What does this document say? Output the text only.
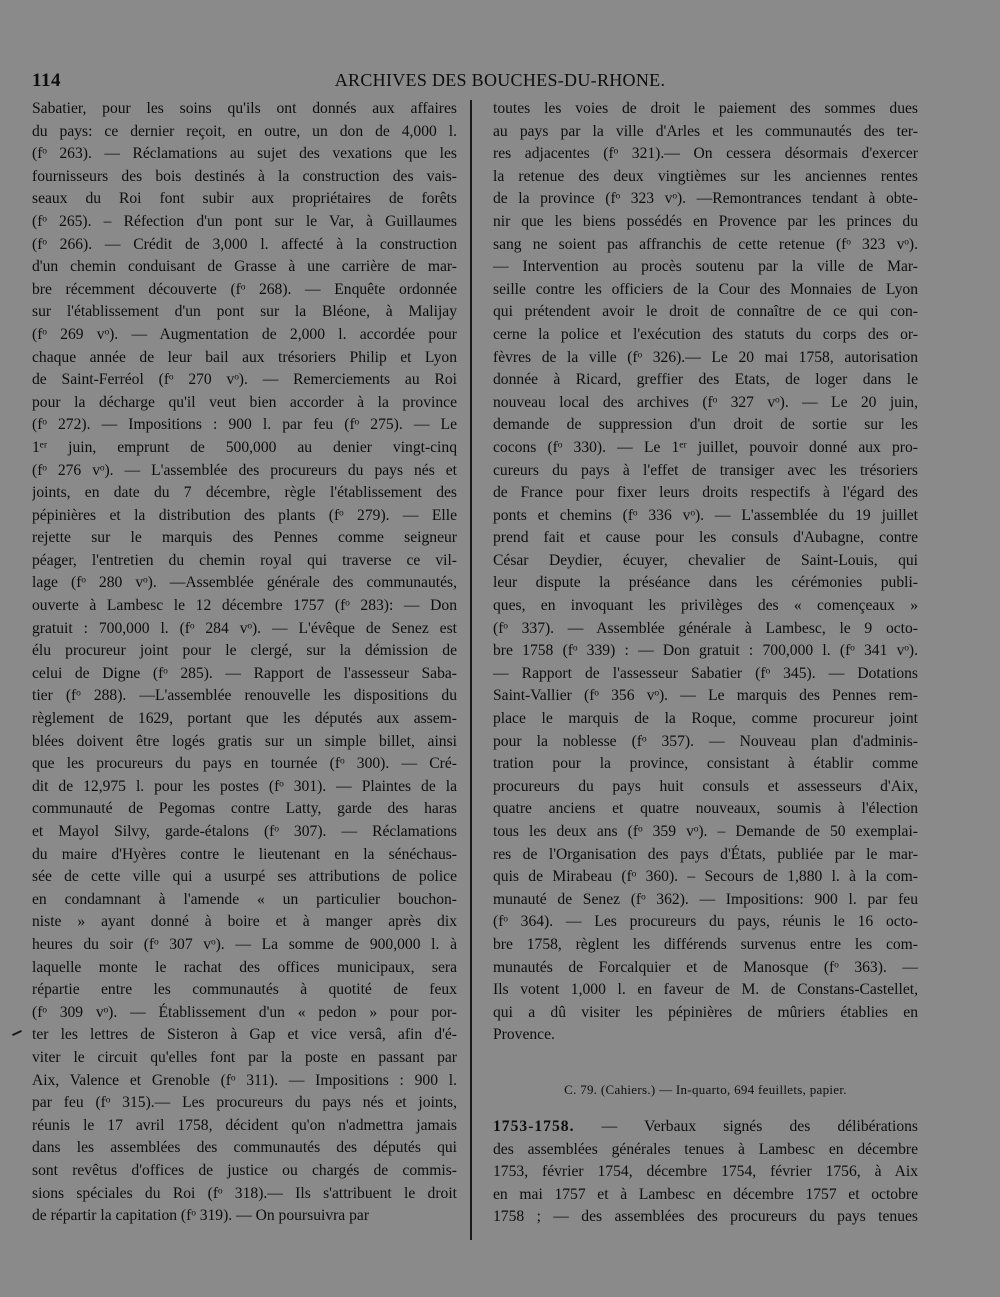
114	ARCHIVES DES BOUCHES-DU-RHONE.
Sabatier, pour les soins qu'ils ont donnés aux affaires
du pays: ce dernier reçoit, en outre, un don de 4,000 l.
(fᵒ 263). — Réclamations au sujet des vexations que les
fournisseurs des bois destinés à la construction des vais-
seaux du Roi font subir aux propriétaires de forêts
(fᵒ 265). – Réfection d'un pont sur le Var, à Guillaumes
(fᵒ 266). — Crédit de 3,000 l. affecté à la construction
d'un chemin conduisant de Grasse à une carrière de mar-
bre récemment découverte (fᵒ 268). — Enquête ordonnée
sur l'établissement d'un pont sur la Bléone, à Malijay
(fᵒ 269 vᵒ). — Augmentation de 2,000 l. accordée pour
chaque année de leur bail aux trésoriers Philip et Lyon
de Saint-Ferréol (fᵒ 270 vᵒ). — Remerciements au Roi
pour la décharge qu'il veut bien accorder à la province
(fᵒ 272). — Impositions : 900 l. par feu (fᵒ 275). — Le
1ᵉʳ juin, emprunt de 500,000 au denier vingt-cinq
(fᵒ 276 vᵒ). — L'assemblée des procureurs du pays nés et
joints, en date du 7 décembre, règle l'établissement des
pépinières et la distribution des plants (fᵒ 279). — Elle
rejette sur le marquis des Pennes comme seigneur
péager, l'entretien du chemin royal qui traverse ce vil-
lage (fᵒ 280 vᵒ). —Assemblée générale des communautés,
ouverte à Lambesc le 12 décembre 1757 (fᵒ 283): — Don
gratuit : 700,000 l. (fᵒ 284 vᵒ). — L'évêque de Senez est
élu procureur joint pour le clergé, sur la démission de
celui de Digne (fᵒ 285). — Rapport de l'assesseur Saba-
tier (fᵒ 288). —L'assemblée renouvelle les dispositions du
règlement de 1629, portant que les députés aux assem-
blées doivent être logés gratis sur un simple billet, ainsi
que les procureurs du pays en tournée (fᵒ 300). — Cré-
dit de 12,975 l. pour les postes (fᵒ 301). — Plaintes de la
communauté de Pegomas contre Latty, garde des haras
et Mayol Silvy, garde-étalons (fᵒ 307). — Réclamations
du maire d'Hyères contre le lieutenant en la sénéchaus-
sée de cette ville qui a usurpé ses attributions de police
en condamnant à l'amende « un particulier bouchon-
niste » ayant donné à boire et à manger après dix
heures du soir (fᵒ 307 vᵒ). — La somme de 900,000 l. à
laquelle monte le rachat des offices municipaux, sera
répartie entre les communautés à quotité de feux
(fᵒ 309 vᵒ). — Établissement d'un « pedon » pour por-
ter les lettres de Sisteron à Gap et vice versâ, afin d'é-
viter le circuit qu'elles font par la poste en passant par
Aix, Valence et Grenoble (fᵒ 311). — Impositions : 900 l.
par feu (fᵒ 315).— Les procureurs du pays nés et joints,
réunis le 17 avril 1758, décident qu'on n'admettra jamais
dans les assemblées des communautés des députés qui
sont revêtus d'offices de justice ou chargés de commis-
sions spéciales du Roi (fᵒ 318).— Ils s'attribuent le droit
de répartir la capitation (fᵒ 319). — On poursuivra par
toutes les voies de droit le paiement des sommes dues
au pays par la ville d'Arles et les communautés des ter-
res adjacentes (fᵒ 321).— On cessera désormais d'exercer
la retenue des deux vingtièmes sur les anciennes rentes
de la province (fᵒ 323 vᵒ). —Remontrances tendant à obte-
nir que les biens possédés en Provence par les princes du
sang ne soient pas affranchis de cette retenue (fᵒ 323 vᵒ).
— Intervention au procès soutenu par la ville de Mar-
seille contre les officiers de la Cour des Monnaies de Lyon
qui prétendent avoir le droit de connaître de ce qui con-
cerne la police et l'exécution des statuts du corps des or-
fèvres de la ville (fᵒ 326).— Le 20 mai 1758, autorisation
donnée à Ricard, greffier des Etats, de loger dans le
nouveau local des archives (fᵒ 327 vᵒ). — Le 20 juin,
demande de suppression d'un droit de sortie sur les
cocons (fᵒ 330). — Le 1ᵉʳ juillet, pouvoir donné aux pro-
cureurs du pays à l'effet de transiger avec les trésoriers
de France pour fixer leurs droits respectifs à l'égard des
ponts et chemins (fᵒ 336 vᵒ). — L'assemblée du 19 juillet
prend fait et cause pour les consuls d'Aubagne, contre
César Deydier, écuyer, chevalier de Saint-Louis, qui
leur dispute la préséance dans les cérémonies publi-
ques, en invoquant les privilèges des « començeaux »
(fᵒ 337). — Assemblée générale à Lambesc, le 9 octo-
bre 1758 (fᵒ 339) : — Don gratuit : 700,000 l. (fᵒ 341 vᵒ).
— Rapport de l'assesseur Sabatier (fᵒ 345). — Dotations
Saint-Vallier (fᵒ 356 vᵒ). — Le marquis des Pennes rem-
place le marquis de la Roque, comme procureur joint
pour la noblesse (fᵒ 357). — Nouveau plan d'adminis-
tration pour la province, consistant à établir comme
procureurs du pays huit consuls et assesseurs d'Aix,
quatre anciens et quatre nouveaux, soumis à l'élection
tous les deux ans (fᵒ 359 vᵒ). – Demande de 50 exemplai-
res de l'Organisation des pays d'États, publiée par le mar-
quis de Mirabeau (fᵒ 360). – Secours de 1,880 l. à la com-
munauté de Senez (fᵒ 362). — Impositions: 900 l. par feu
(fᵒ 364). — Les procureurs du pays, réunis le 16 octo-
bre 1758, règlent les différends survenus entre les com-
munautés de Forcalquier et de Manosque (fᵒ 363). —
Ils votent 1,000 l. en faveur de M. de Constans-Castellet,
qui a dû visiter les pépinières de mûriers établies en
Provence.
C. 79. (Cahiers.) — In-quarto, 694 feuillets, papier.
1753-1758. — Verbaux signés des délibérations
des assemblées générales tenues à Lambesc en décembre
1753, février 1754, décembre 1754, février 1756, à Aix
en mai 1757 et à Lambesc en décembre 1757 et octobre
1758 ; — des assemblées des procureurs du pays tenues
